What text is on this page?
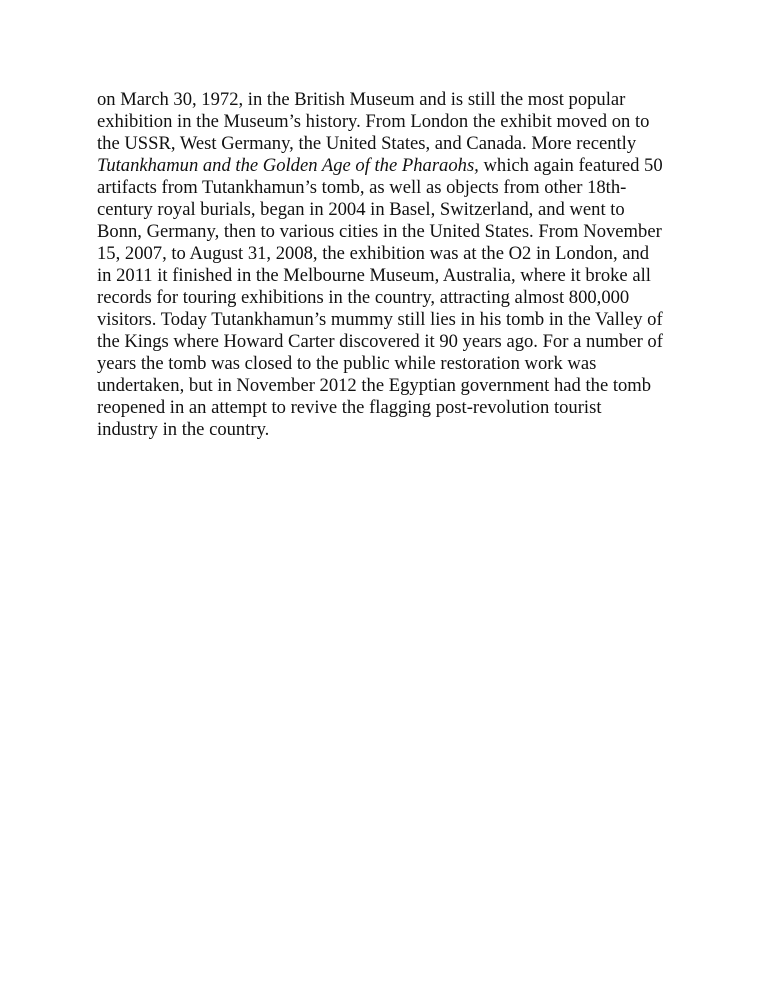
on March 30, 1972, in the British Museum and is still the most popular
exhibition in the Museum’s history. From London the exhibit moved on to
the USSR, West Germany, the United States, and Canada. More recently
Tutankhamun and the Golden Age of the Pharaohs, which again featured 50
artifacts from Tutankhamun’s tomb, as well as objects from other 18th-
century royal burials, began in 2004 in Basel, Switzerland, and went to
Bonn, Germany, then to various cities in the United States. From November
15, 2007, to August 31, 2008, the exhibition was at the O2 in London, and
in 2011 it finished in the Melbourne Museum, Australia, where it broke all
records for touring exhibitions in the country, attracting almost 800,000
visitors. Today Tutankhamun’s mummy still lies in his tomb in the Valley of
the Kings where Howard Carter discovered it 90 years ago. For a number of
years the tomb was closed to the public while restoration work was
undertaken, but in November 2012 the Egyptian government had the tomb
reopened in an attempt to revive the flagging post-revolution tourist
industry in the country.
